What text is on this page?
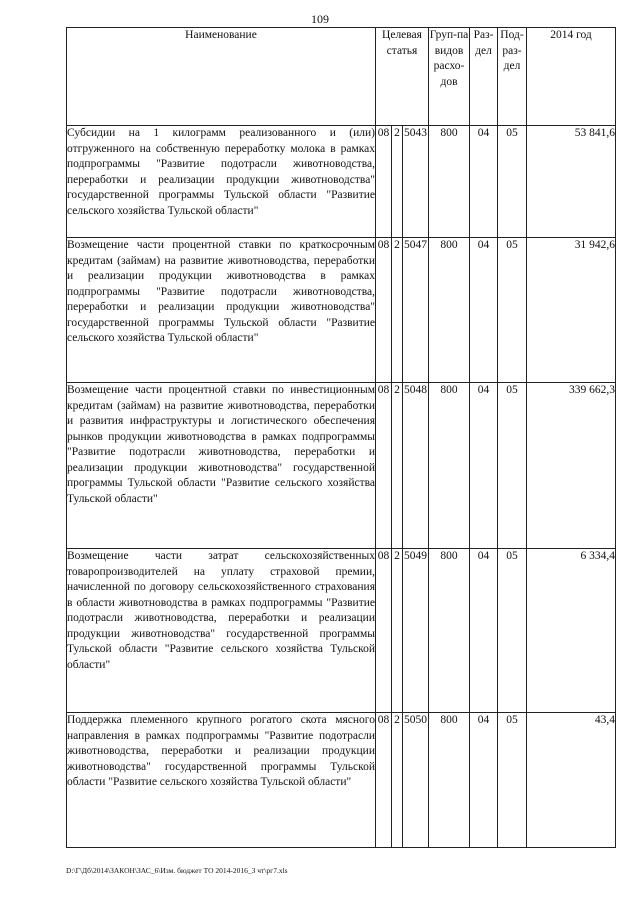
109
Наименование	Целевая статья			Груп-па видов расхо-дов	Раз-дел	Под-раз-дел	2014 год
Субсидии на 1 килограмм реализованного и (или) отгруженного на собственную переработку молока в рамках подпрограммы "Развитие подотрасли животноводства, переработки и реализации продукции животноводства" государственной программы Тульской области "Развитие сельского хозяйства Тульской области"	08	2	5043	800	04	05	53 841,6
Возмещение части процентной ставки по краткосрочным кредитам (займам) на развитие животноводства, переработки и реализации продукции животноводства в рамках подпрограммы "Развитие подотрасли животноводства, переработки и реализации продукции животноводства" государственной программы Тульской области "Развитие сельского хозяйства Тульской области"	08	2	5047	800	04	05	31 942,6
Возмещение части процентной ставки по инвестиционным кредитам (займам) на развитие животноводства, переработки и развития инфраструктуры и логистического обеспечения рынков продукции животноводства в рамках подпрограммы "Развитие подотрасли животноводства, переработки и реализации продукции животноводства" государственной программы Тульской области "Развитие сельского хозяйства Тульской области"	08	2	5048	800	04	05	339 662,3
Возмещение части затрат сельскохозяйственных товаропроизводителей на уплату страховой премии, начисленной по договору сельскохозяйственного страхования в области животноводства в рамках подпрограммы "Развитие подотрасли животноводства, переработки и реализации продукции животноводства" государственной программы Тульской области "Развитие сельского хозяйства Тульской области"	08	2	5049	800	04	05	6 334,4
Поддержка племенного крупного рогатого скота мясного направления в рамках подпрограммы "Развитие подотрасли животноводства, переработки и реализации продукции животноводства" государственной программы Тульской области "Развитие сельского хозяйства Тульской области"	08	2	5050	800	04	05	43,4
D:\Г\Дб\2014\ЗАКОН\ЗАС_6\Изм. бюджет ТО 2014-2016_3 чт\рг7.xls
